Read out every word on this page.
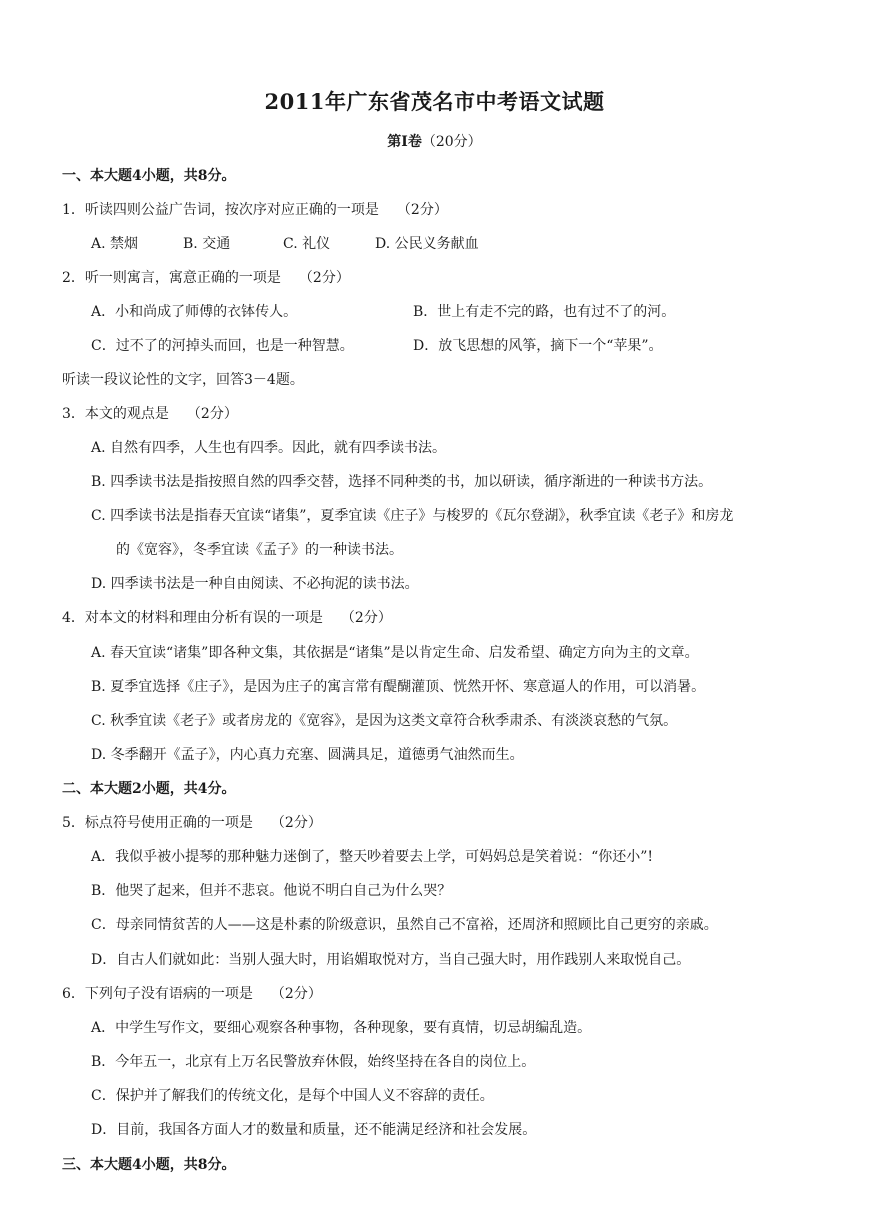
2011年广东省茂名市中考语文试题
第Ⅰ卷（20分）
一、本大题4小题，共8分。
1．听读四则公益广告词，按次序对应正确的一项是 （2分）
A. 禁烟	B. 交通	C. 礼仪	D. 公民义务献血
2．听一则寓言，寓意正确的一项是 （2分）
A．小和尚成了师傅的衣钵传人。	B．世上有走不完的路，也有过不了的河。
C．过不了的河掉头而回，也是一种智慧。	D．放飞思想的风筝，摘下一个“苹果”。
听读一段议论性的文字，回答3－4题。
3．本文的观点是 （2分）
A. 自然有四季，人生也有四季。因此，就有四季读书法。
B. 四季读书法是指按照自然的四季交替，选择不同种类的书，加以研读，循序渐进的一种读书方法。
C. 四季读书法是指春天宜读“诸集”，夏季宜读《庄子》与梭罗的《瓦尔登湖》，秋季宜读《老子》和房龙
的《宽容》，冬季宜读《孟子》的一种读书法。
D. 四季读书法是一种自由阅读、不必拘泥的读书法。
4．对本文的材料和理由分析有误的一项是 （2分）
A. 春天宜读“诸集”即各种文集，其依据是“诸集”是以肯定生命、启发希望、确定方向为主的文章。
B. 夏季宜选择《庄子》，是因为庄子的寓言常有醍醐灌顶、恍然开怀、寒意逼人的作用，可以消暑。
C. 秋季宜读《老子》或者房龙的《宽容》，是因为这类文章符合秋季肃杀、有淡淡哀愁的气氛。
D. 冬季翻开《孟子》，内心真力充塞、圆满具足，道德勇气油然而生。
二、本大题2小题，共4分。
5．标点符号使用正确的一项是 （2分）
A．我似乎被小提琴的那种魅力迷倒了，整天吵着要去上学，可妈妈总是笑着说：“你还小”!
B．他哭了起来，但并不悲哀。他说不明白自己为什么哭？
C．母亲同情贫苦的人——这是朴素的阶级意识，虽然自己不富裕，还周济和照顾比自己更穷的亲戚。
D．自古人们就如此：当别人强大时，用谄媚取悦对方，当自己强大时，用作践别人来取悦自己。
6．下列句子没有语病的一项是 （2分）
A．中学生写作文，要细心观察各种事物，各种现象，要有真情，切忌胡编乱造。
B．今年五一，北京有上万名民警放弃休假，始终坚持在各自的岗位上。
C．保护并了解我们的传统文化，是每个中国人义不容辞的责任。
D．目前，我国各方面人才的数量和质量，还不能满足经济和社会发展。
三、本大题4小题，共8分。
